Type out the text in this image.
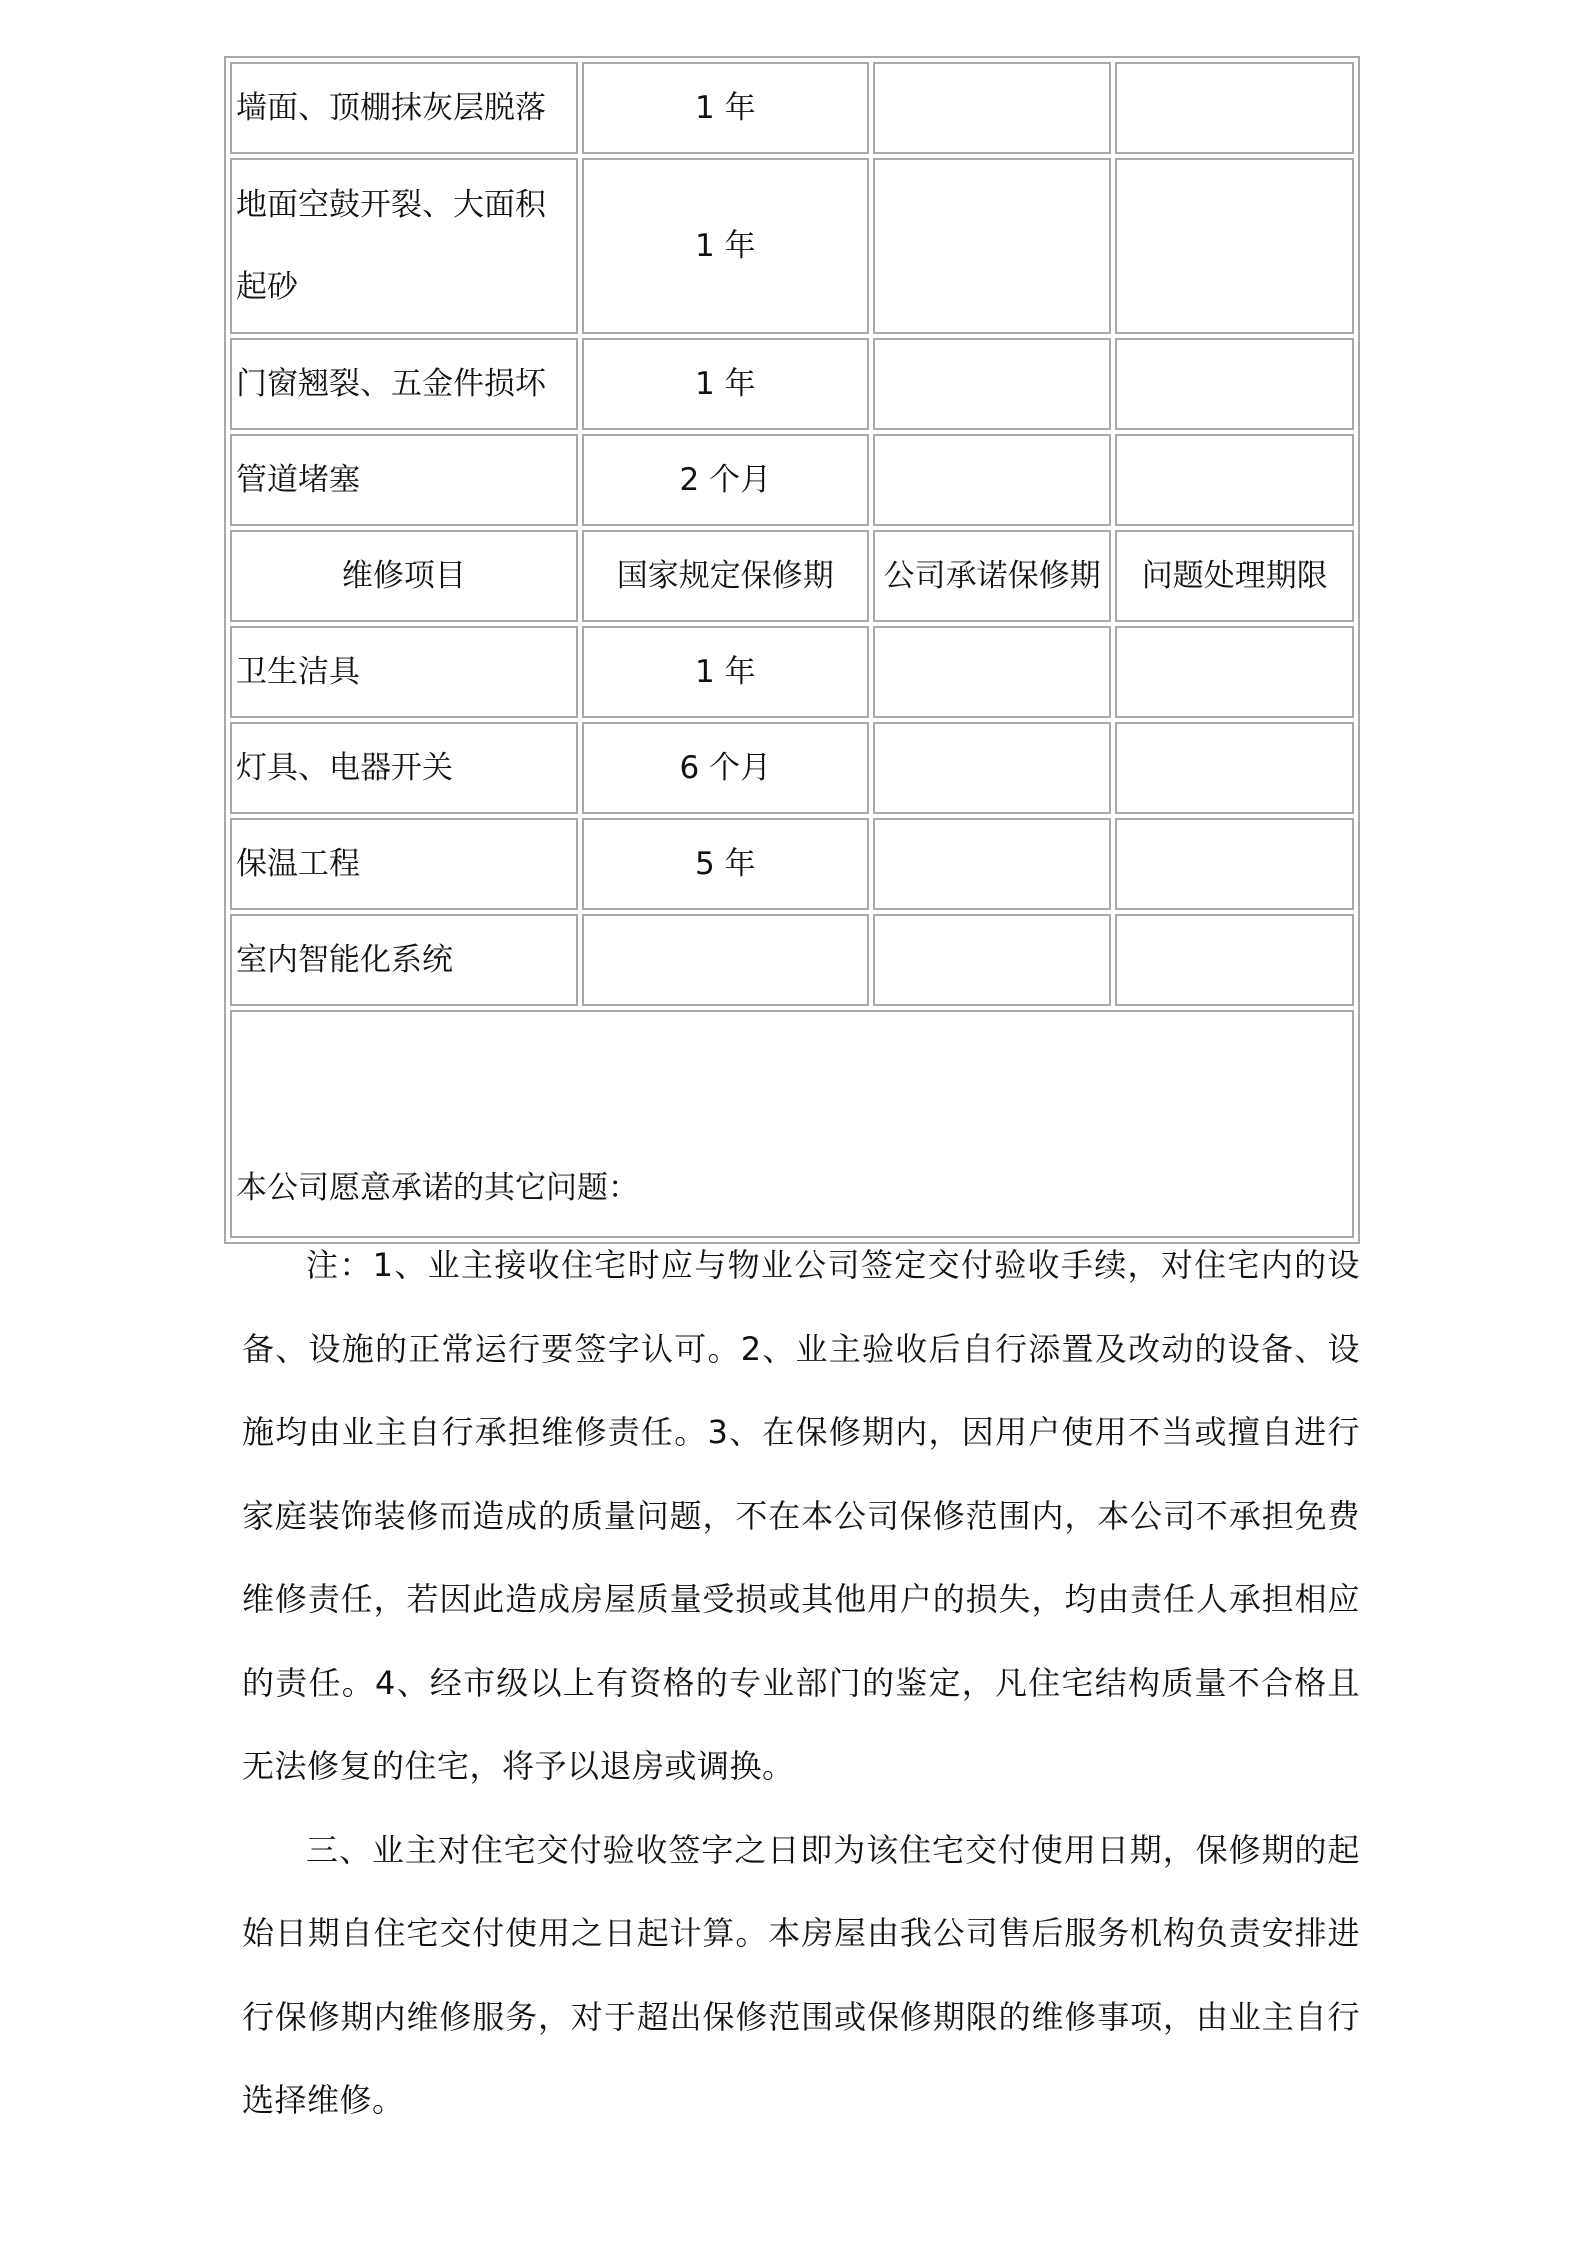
墙面、顶棚抹灰层脱落	1 年		
地面空鼓开裂、大面积起砂	1 年		
门窗翘裂、五金件损坏	1 年		
管道堵塞	2 个月		
维修项目	国家规定保修期	公司承诺保修期	问题处理期限
卫生洁具	1 年		
灯具、电器开关	6 个月		
保温工程	5 年		
室内智能化系统			
本公司愿意承诺的其它问题：			

注：1、业主接收住宅时应与物业公司签定交付验收手续，对住宅内的设备、设施的正常运行要签字认可。2、业主验收后自行添置及改动的设备、设施均由业主自行承担维修责任。3、在保修期内，因用户使用不当或擅自进行家庭装饰装修而造成的质量问题，不在本公司保修范围内，本公司不承担免费维修责任，若因此造成房屋质量受损或其他用户的损失，均由责任人承担相应的责任。4、经市级以上有资格的专业部门的鉴定，凡住宅结构质量不合格且无法修复的住宅，将予以退房或调换。

三、业主对住宅交付验收签字之日即为该住宅交付使用日期，保修期的起始日期自住宅交付使用之日起计算。本房屋由我公司售后服务机构负责安排进行保修期内维修服务，对于超出保修范围或保修期限的维修事项，由业主自行选择维修。
